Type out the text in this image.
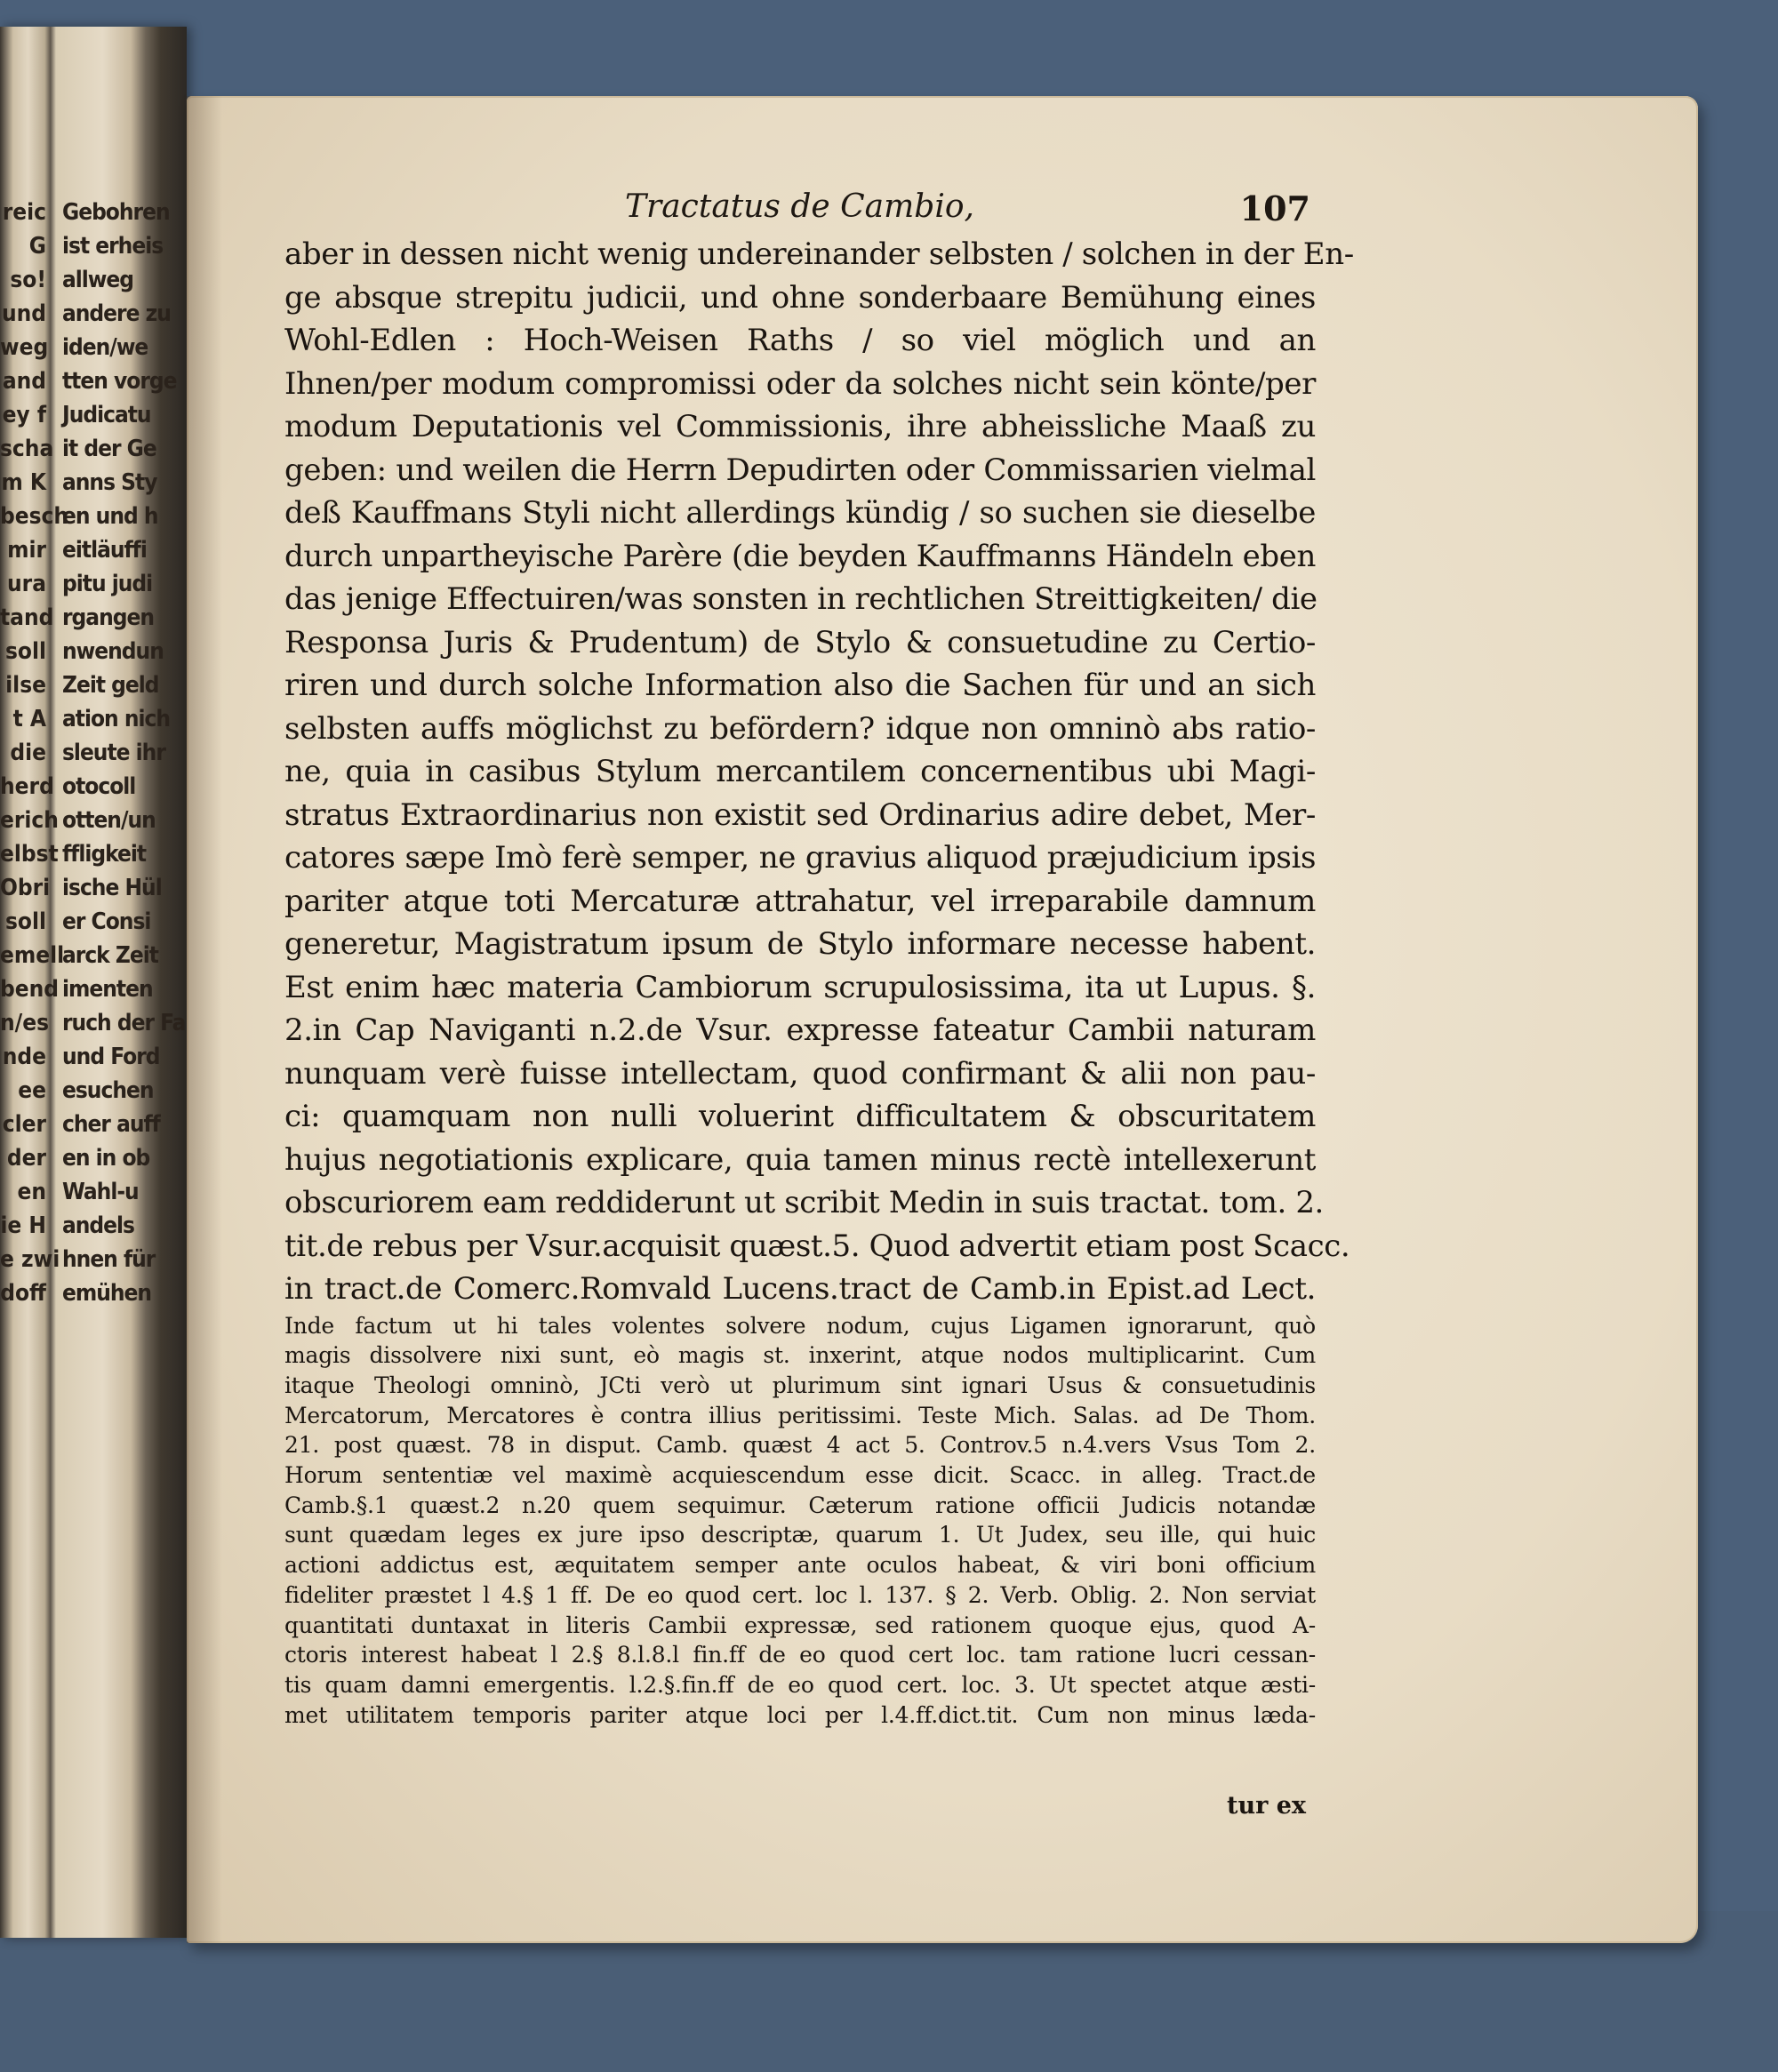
reic Gebohren
G ist erheis
so! allweg
und andere zu
weg iden/we
and tten vorge
ey f Judicatu
scha it der Ge
m K anns Sty
beschen und h
mir eitläuffi
ura pitu judi
tand rgangen
soll nwendun
ilse Zeit geld
t A ation nich
die sleute ihr
herd otocoll
erich otten/un
elbst ffligkeit
Obri ische Hül
soll er Consi
emellarck Zeit
bend imenten
n/es ruch der Fa
nde und Ford
ee esuchen
cler cher auff
der en in ob
en Wahl-u
ie H andels
e zwi hnen für
doff emühen
Tractatus de Cambio,	107
aber in dessen nicht wenig undereinander selbsten / solchen in der En-
ge absque strepitu judicii, und ohne sonderbaare Bemühung eines
Wohl-Edlen : Hoch-Weisen Raths / so viel möglich und an
Ihnen/per modum compromissi oder da solches nicht sein könte/per
modum Deputationis vel Commissionis, ihre abheissliche Maaß zu
geben: und weilen die Herrn Depudirten oder Commissarien vielmal
deß Kauffmans Styli nicht allerdings kündig / so suchen sie dieselbe
durch unpartheyische Parère (die beyden Kauffmanns Händeln eben
das jenige Effectuiren/was sonsten in rechtlichen Streittigkeiten/ die
Responsa Juris & Prudentum) de Stylo & consuetudine zu Certio-
riren und durch solche Information also die Sachen für und an sich
selbsten auffs möglichst zu befördern? idque non omninò abs ratio-
ne, quia in casibus Stylum mercantilem concernentibus ubi Magi-
stratus Extraordinarius non existit sed Ordinarius adire debet, Mer-
catores sæpe Imò ferè semper, ne gravius aliquod præjudicium ipsis
pariter atque toti Mercaturæ attrahatur, vel irreparabile damnum
generetur, Magistratum ipsum de Stylo informare necesse habent.
Est enim hæc materia Cambiorum scrupulosissima, ita ut Lupus. §.
2.in Cap Naviganti n.2.de Vsur. expresse fateatur Cambii naturam
nunquam verè fuisse intellectam, quod confirmant & alii non pau-
ci: quamquam non nulli voluerint difficultatem & obscuritatem
hujus negotiationis explicare, quia tamen minus rectè intellexerunt
obscuriorem eam reddiderunt ut scribit Medin in suis tractat. tom. 2.
tit.de rebus per Vsur.acquisit quæst.5. Quod advertit etiam post Scacc.
in tract.de Comerc.Romvald Lucens.tract de Camb.in Epist.ad Lect.
Inde factum ut hi tales volentes solvere nodum, cujus Ligamen ignorarunt, quò
magis dissolvere nixi sunt, eò magis st. inxerint, atque nodos multiplicarint. Cum
itaque Theologi omninò, JCti verò ut plurimum sint ignari Usus & consuetudinis
Mercatorum, Mercatores è contra illius peritissimi. Teste Mich. Salas. ad De Thom.
21. post quæst. 78 in disput. Camb. quæst 4 act 5. Controv.5 n.4.vers Vsus Tom 2.
Horum sententiæ vel maximè acquiescendum esse dicit. Scacc. in alleg. Tract.de
Camb.§.1 quæst.2 n.20 quem sequimur. Cæterum ratione officii Judicis notandæ
sunt quædam leges ex jure ipso descriptæ, quarum 1. Ut Judex, seu ille, qui huic
actioni addictus est, æquitatem semper ante oculos habeat, & viri boni officium
fideliter præstet l 4.§ 1 ff. De eo quod cert. loc l. 137. § 2. Verb. Oblig. 2. Non serviat
quantitati duntaxat in literis Cambii expressæ, sed rationem quoque ejus, quod A-
ctoris interest habeat l 2.§ 8.l.8.l fin.ff de eo quod cert loc. tam ratione lucri cessan-
tis quam damni emergentis. l.2.§.fin.ff de eo quod cert. loc. 3. Ut spectet atque æsti-
met utilitatem temporis pariter atque loci per l.4.ff.dict.tit. Cum non minus læda-
tur ex
